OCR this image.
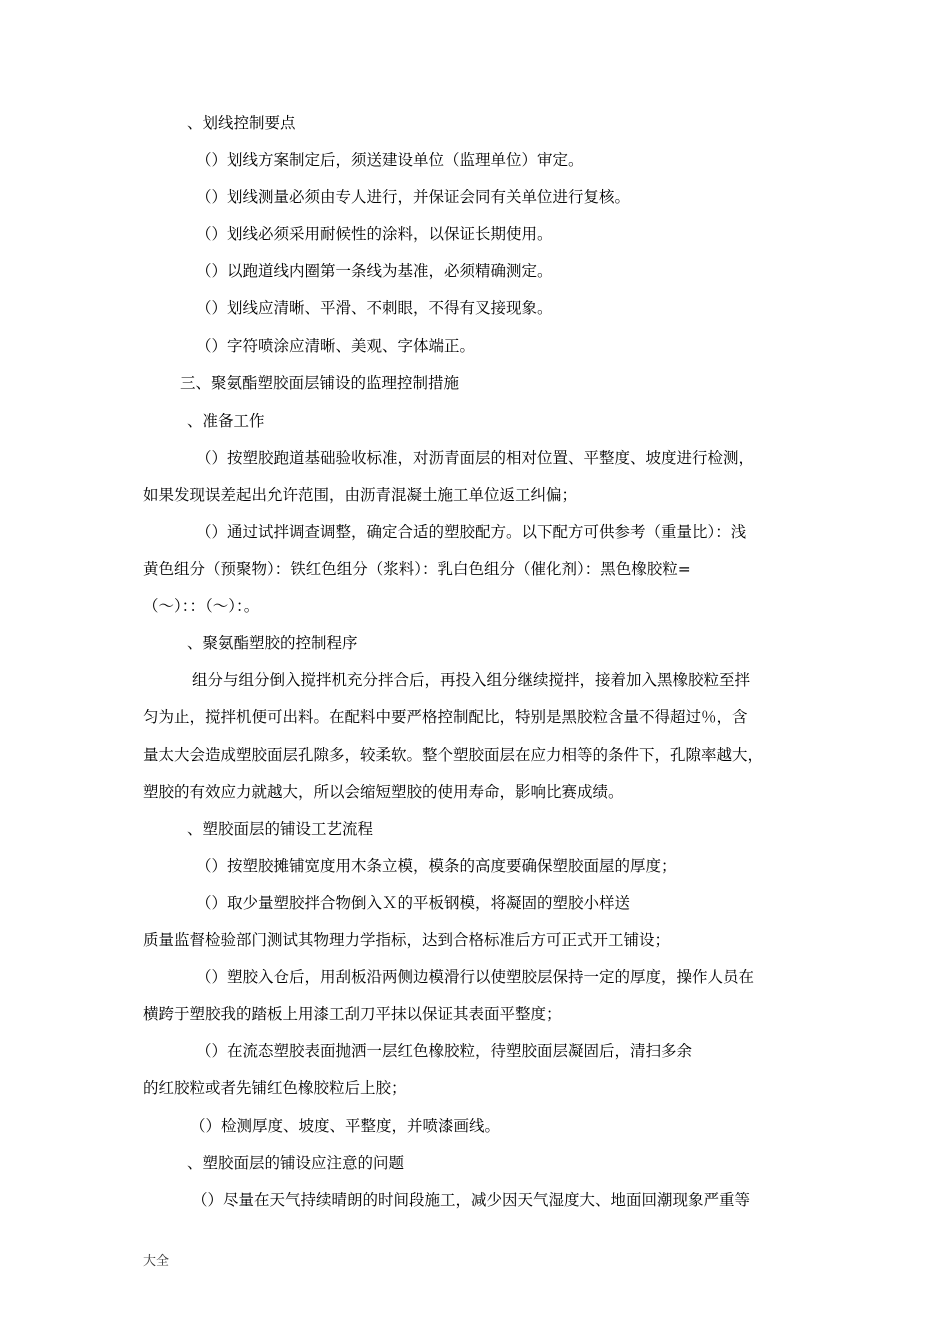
、划线控制要点
（）划线方案制定后，须送建设单位（监理单位）审定。
（）划线测量必须由专人进行，并保证会同有关单位进行复核。
（）划线必须采用耐候性的涂料，以保证长期使用。
（）以跑道线内圈第一条线为基准，必须精确测定。
（）划线应清晰、平滑、不刺眼，不得有叉接现象。
（）字符喷涂应清晰、美观、字体端正。
三、聚氨酯塑胶面层铺设的监理控制措施
、准备工作
（）按塑胶跑道基础验收标准，对沥青面层的相对位置、平整度、坡度进行检测，
如果发现误差起出允许范围，由沥青混凝土施工单位返工纠偏；
（）通过试拌调查调整，确定合适的塑胶配方。以下配方可供参考（重量比）：浅
黄色组分（预聚物）：铁红色组分（浆料）：乳白色组分（催化剂）：黑色橡胶粒=
（～）：：（～）：。
、聚氨酯塑胶的控制程序
组分与组分倒入搅拌机充分拌合后，再投入组分继续搅拌，接着加入黑橡胶粒至拌
匀为止，搅拌机便可出料。在配料中要严格控制配比，特别是黑胶粒含量不得超过％，含
量太大会造成塑胶面层孔隙多，较柔软。整个塑胶面层在应力相等的条件下，孔隙率越大，
塑胶的有效应力就越大，所以会缩短塑胶的使用寿命，影响比赛成绩。
、塑胶面层的铺设工艺流程
（）按塑胶摊铺宽度用木条立模，模条的高度要确保塑胶面屋的厚度；
（）取少量塑胶拌合物倒入Ｘ的平板钢模，将凝固的塑胶小样送
质量监督检验部门测试其物理力学指标，达到合格标准后方可正式开工铺设；
（）塑胶入仓后，用刮板沿两侧边模滑行以使塑胶层保持一定的厚度，操作人员在
横跨于塑胶我的踏板上用漆工刮刀平抹以保证其表面平整度；
（）在流态塑胶表面抛洒一层红色橡胶粒，待塑胶面层凝固后，清扫多余
的红胶粒或者先铺红色橡胶粒后上胶；
（）检测厚度、坡度、平整度，并喷漆画线。
、塑胶面层的铺设应注意的问题
（）尽量在天气持续晴朗的时间段施工，减少因天气湿度大、地面回潮现象严重等
大全
